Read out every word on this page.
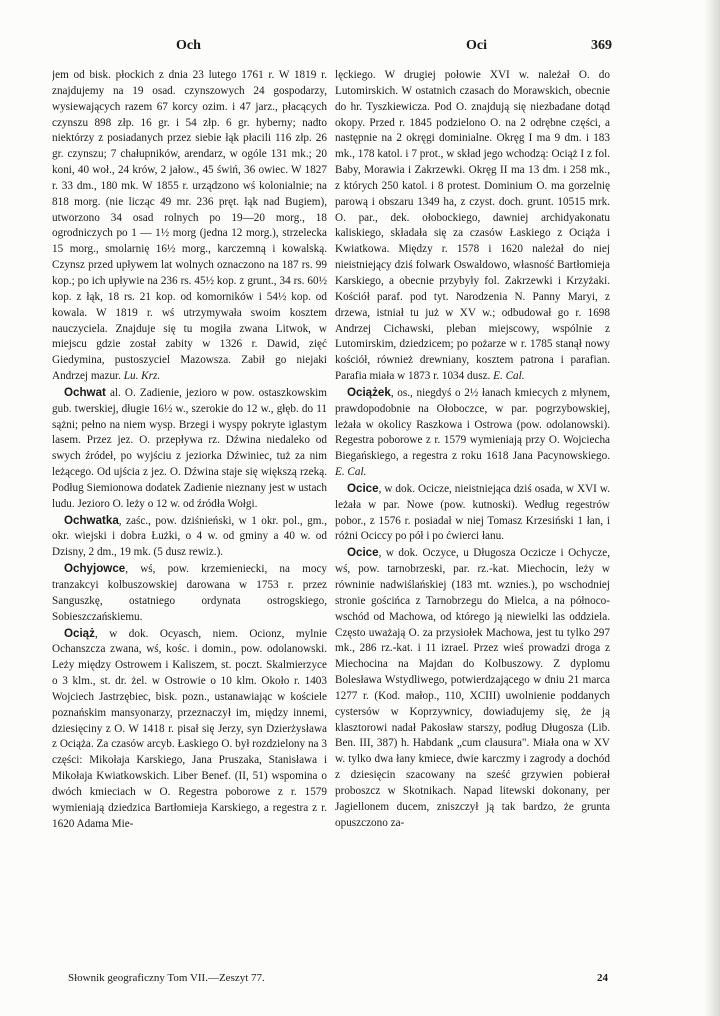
Och	Oci	369

jem od bisk. płockich z dnia 23 lutego 1761 r. W 1819 r. znajdujemy na 19 osad. czynszowych 24 gospodarzy, wysiewających razem 67 korcy ozim. i 47 jarz., płacących czynszu 898 złp. 16 gr. i 54 złp. 6 gr. hyberny; nadto niektórzy z posiadanych przez siebie łąk płacili 116 złp. 26 gr. czynszu; 7 chałupników, arendarz, w ogóle 131 mk.; 20 koni, 40 woł., 24 krów, 2 jałow., 45 świń, 36 owiec. W 1827 r. 33 dm., 180 mk. W 1855 r. urządzono wś kolonialnie; na 818 morg. (nie licząc 49 mr. 236 pręt. łąk nad Bugiem), utworzono 34 osad rolnych po 19—20 morg., 18 ogrodniczych po 1 — 1½ morg (jedna 12 morg.), strzelecka 15 morg., smolarnię 16½ morg., karczemną i kowalską. Czynsz przed upływem lat wolnych oznaczono na 187 rs. 99 kop.; po ich upływie na 236 rs. 45½ kop. z grunt., 34 rs. 60½ kop. z łąk, 18 rs. 21 kop. od komorników i 54½ kop. od kowala. W 1819 r. wś utrzymywała swoim kosztem nauczyciela. Znajduje się tu mogiła zwana Litwok, w miejscu gdzie został zabity w 1326 r. Dawid, zięć Giedymina, pustoszyciel Mazowsza. Zabił go niejaki Andrzej mazur. Lu. Krz.

Ochwat al. O. Zadienie, jezioro w pow. ostaszkowskim gub. twerskiej, długie 16½ w., szerokie do 12 w., głęb. do 11 sążni; pełno na niem wysp. Brzegi i wyspy pokryte iglastym lasem. Przez jez. O. przepływa rz. Dźwina niedaleko od swych źródeł, po wyjściu z jeziorka Dźwiniec, tuż za nim leżącego. Od ujścia z jez. O. Dźwina staje się większą rzeką. Podług Siemionowa dodatek Zadienie nieznany jest w ustach ludu. Jezioro O. leży o 12 w. od źródła Wołgi.

Ochwatka, zaśc., pow. dziśnieński, w 1 okr. pol., gm., okr. wiejski i dobra Łużki, o 4 w. od gminy a 40 w. od Dzisny, 2 dm., 19 mk. (5 dusz rewiz.).

Ochyjowce, wś, pow. krzemieniecki, na mocy tranzakcyi kolbuszowskiej darowana w 1753 r. przez Sanguszkę, ostatniego ordynata ostrogskiego, Sobieszczańskiemu.

Ociąż, w dok. Ocyasch, niem. Ocionz, mylnie Ochanszcza zwana, wś, kośc. i domin., pow. odolanowski. Leży między Ostrowem i Kaliszem, st. poczt. Skalmierzyce o 3 klm., st. dr. żel. w Ostrowie o 10 klm. Około r. 1403 Wojciech Jastrzębiec, bisk. pozn., ustanawiając w kościele poznańskim mansyonarzy, przeznaczył im, między innemi, dziesięciny z O. W 1418 r. pisał się Jerzy, syn Dzierżysława z Ociąża. Za czasów arcyb. Łaskiego O. był rozdzielony na 3 części: Mikołaja Karskiego, Jana Pruszaka, Stanisława i Mikołaja Kwiatkowskich. Liber Benef. (II, 51) wspomina o dwóch kmieciach w O. Regestra poborowe z r. 1579 wymieniają dziedzica Bartłomieja Karskiego, a regestra z r. 1620 Adama Mie-

lęckiego. W drugiej połowie XVI w. należał O. do Lutomirskich. W ostatnich czasach do Morawskich, obecnie do hr. Tyszkiewicza. Pod O. znajdują się niezbadane dotąd okopy. Przed r. 1845 podzielono O. na 2 odrębne części, a następnie na 2 okręgi dominialne. Okręg I ma 9 dm. i 183 mk., 178 katol. i 7 prot., w skład jego wchodzą: Ociąż I z fol. Baby, Morawia i Zakrzewki. Okręg II ma 13 dm. i 258 mk., z których 250 katol. i 8 protest. Dominium O. ma gorzelnię parową i obszaru 1349 ha, z czyst. doch. grunt. 10515 mrk. O. par., dek. ołobockiego, dawniej archidyakonatu kaliskiego, składała się za czasów Łaskiego z Ociąża i Kwiatkowa. Między r. 1578 i 1620 należał do niej nieistniejący dziś folwark Oswaldowo, własność Bartłomieja Karskiego, a obecnie przybyły fol. Zakrzewki i Krzyżaki. Kościół paraf. pod tyt. Narodzenia N. Panny Maryi, z drzewa, istniał tu już w XV w.; odbudował go r. 1698 Andrzej Cichawski, pleban miejscowy, wspólnie z Lutomirskim, dziedzicem; po pożarze w r. 1785 stanął nowy kościół, również drewniany, kosztem patrona i parafian. Parafia miała w 1873 r. 1034 dusz. E. Cal.

Ociążek, os., niegdyś o 2½ łanach kmiecych z młynem, prawdopodobnie na Ołoboczce, w par. pogrzybowskiej, leżała w okolicy Raszkowa i Ostrowa (pow. odolanowski). Regestra poborowe z r. 1579 wymieniają przy O. Wojciecha Biegańskiego, a regestra z roku 1618 Jana Pacynowskiego. E. Cal.

Ocice, w dok. Ocicze, nieistniejąca dziś osada, w XVI w. leżała w par. Nowe (pow. kutnoski). Według regestrów pobor., z 1576 r. posiadał w niej Tomasz Krzesiński 1 łan, i różni Ociccy po pół i po ćwierci łanu.

Ocice, w dok. Oczyce, u Długosza Oczicze i Ochycze, wś, pow. tarnobrzeski, par. rz.-kat. Miechocin, leży w równinie nadwiślańskiej (183 mt. wznies.), po wschodniej stronie gościńca z Tarnobrzegu do Mielca, a na północo-wschód od Machowa, od którego ją niewielki las oddziela. Często uważają O. za przysiołek Machowa, jest tu tylko 297 mk., 286 rz.-kat. i 11 izrael. Przez wieś prowadzi droga z Miechocina na Majdan do Kolbuszowy. Z dyplomu Bolesława Wstydliwego, potwierdzającego w dniu 21 marca 1277 r. (Kod. małop., 110, XCIII) uwolnienie poddanych cystersów w Koprzywnicy, dowiadujemy się, że ją klasztorowi nadał Pakosław starszy, podług Długosza (Lib. Ben. III, 387) h. Habdank „cum clausura". Miała ona w XV w. tylko dwa łany kmiece, dwie karczmy i zagrody a dochód z dziesięcin szacowany na sześć grzywien pobierał proboszcz w Skotnikach. Napad litewski dokonany, per Jagiellonem ducem, zniszczył ją tak bardzo, że grunta opuszczono za-

Słownik geograficzny Tom VII.—Zeszyt 77.	24
